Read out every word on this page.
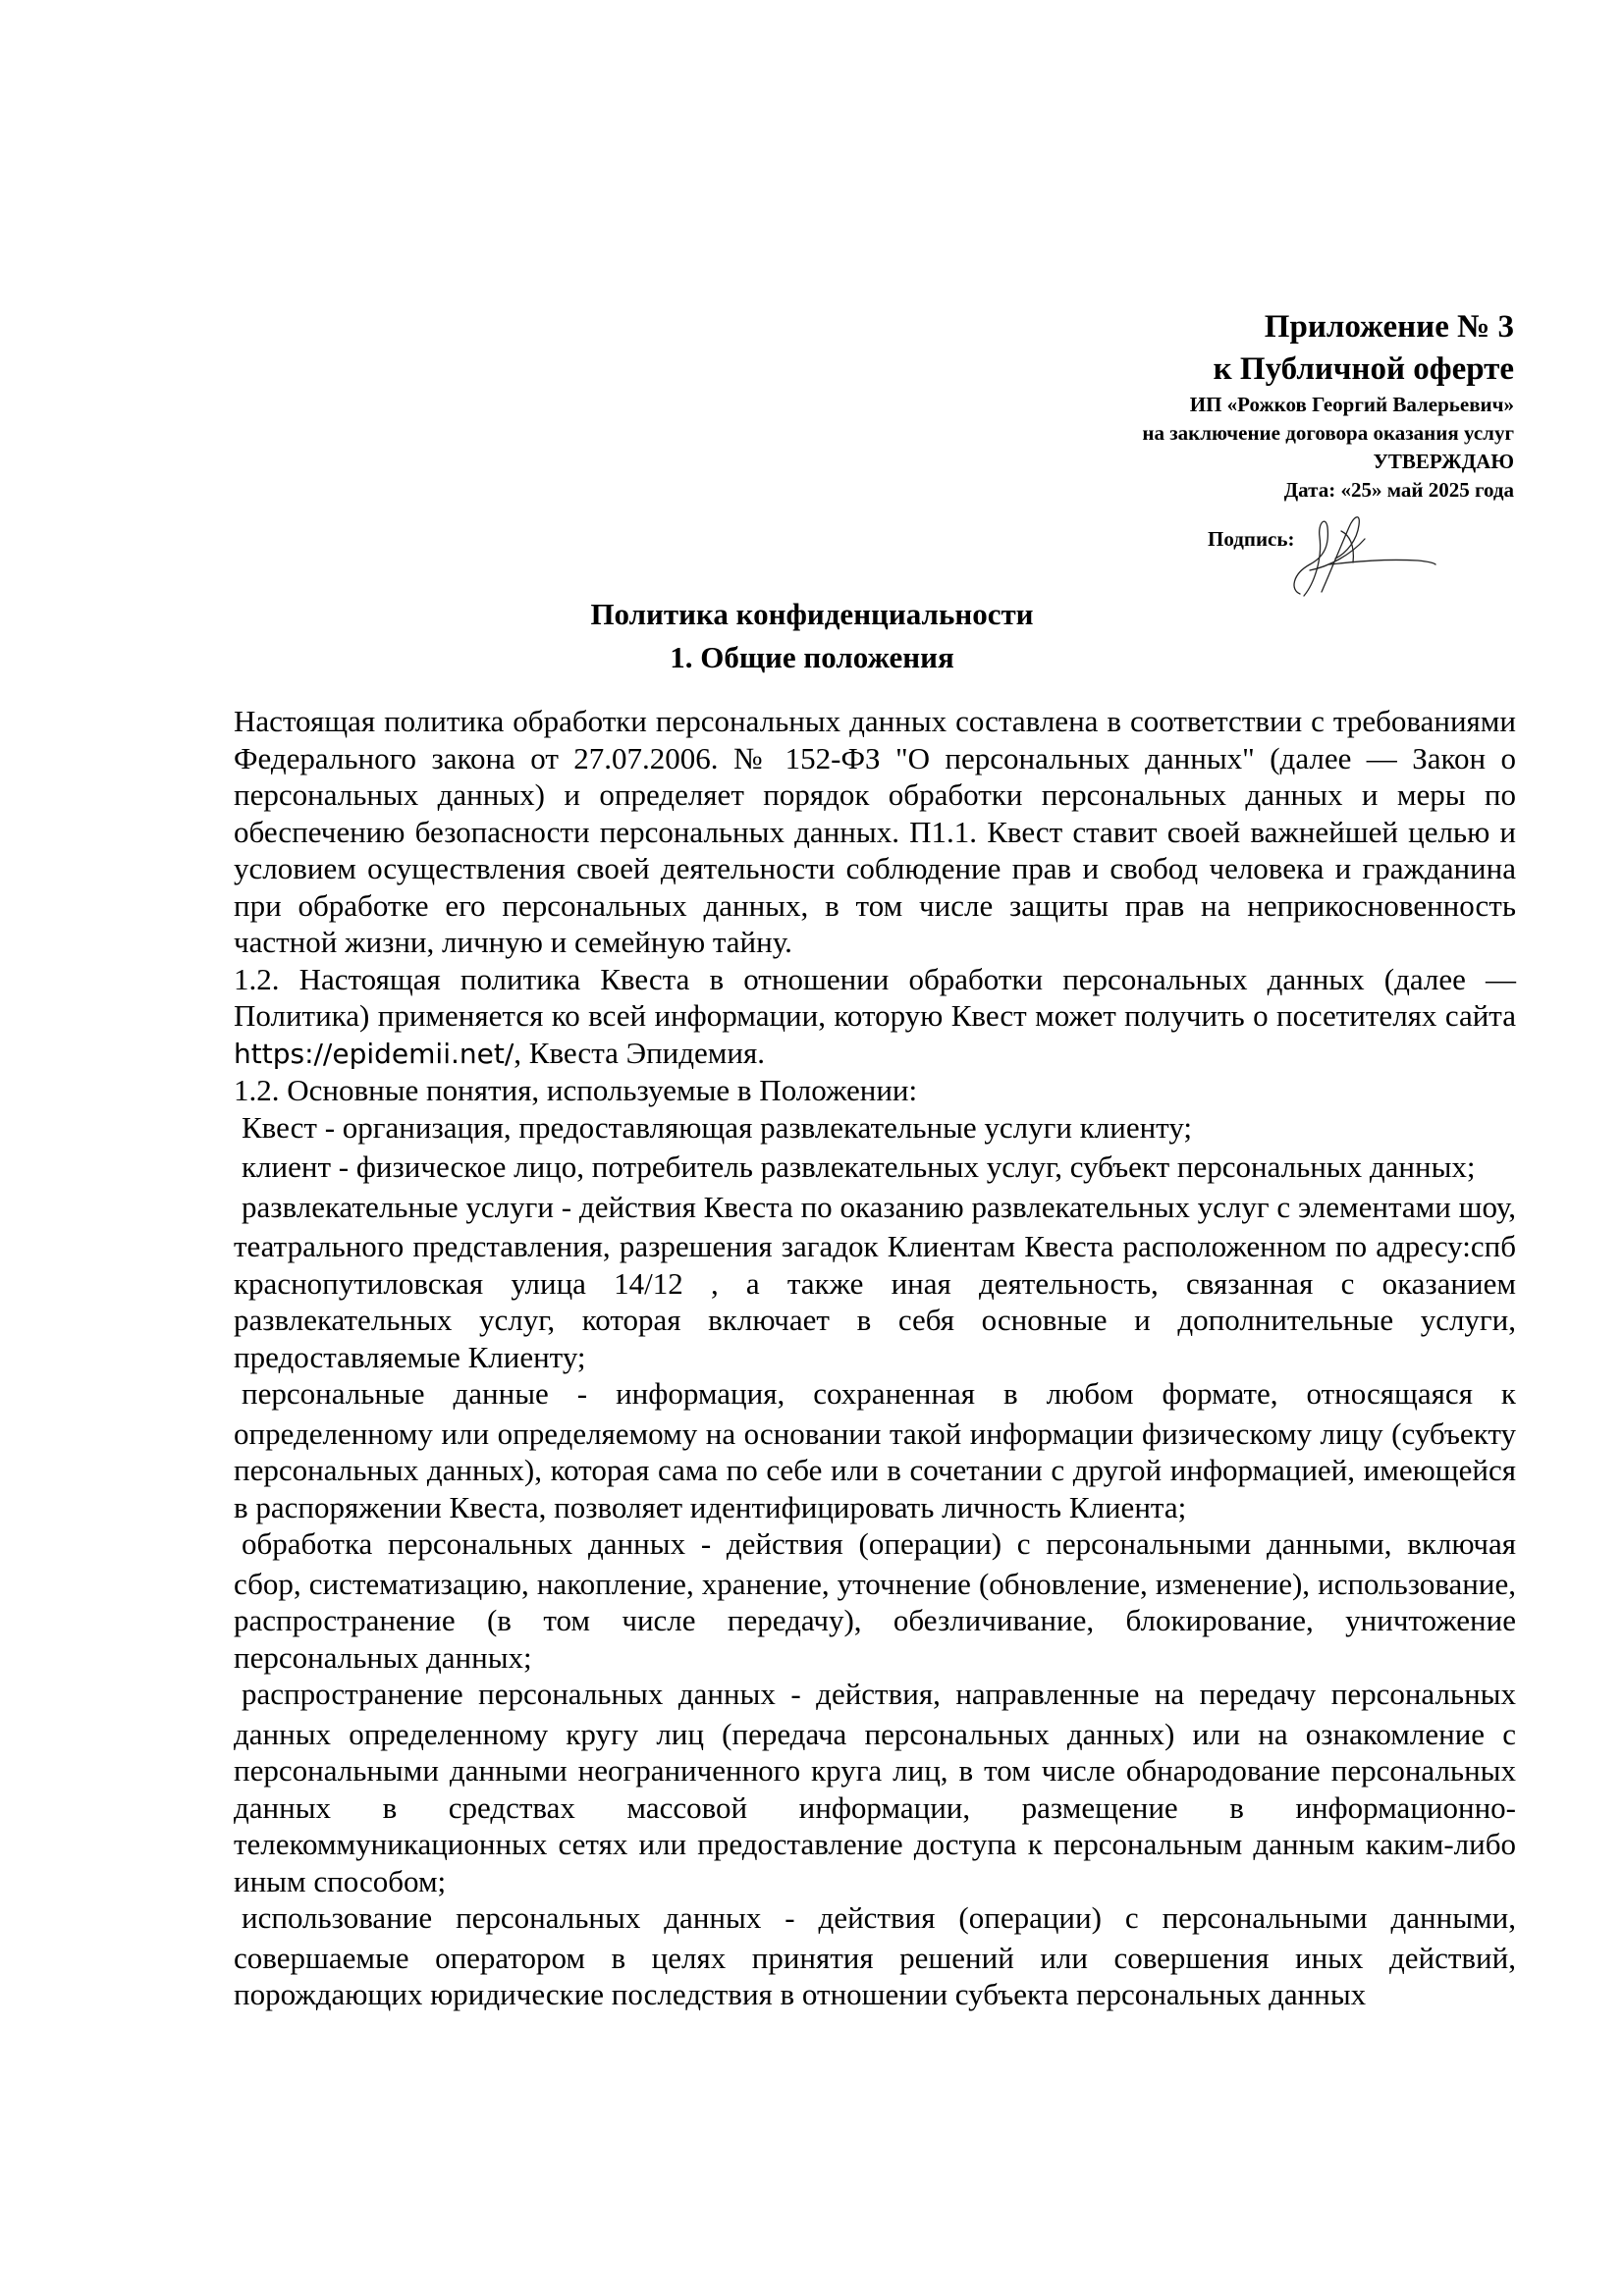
Приложение № 3
к Публичной оферте
ИП «Рожков Георгий Валерьевич»
на заключение договора оказания услуг
УТВЕРЖДАЮ
Дата: «25» май 2025 года
Подпись:
Политика конфиденциальности
1. Общие положения

Настоящая политика обработки персональных данных составлена в соответствии с требованиями Федерального закона от 27.07.2006. № 152-ФЗ "О персональных данных" (далее — Закон о персональных данных) и определяет порядок обработки персональных данных и меры по обеспечению безопасности персональных данных. П1.1. Квест ставит своей важнейшей целью и условием осуществления своей деятельности соблюдение прав и свобод человека и гражданина при обработке его персональных данных, в том числе защиты прав на неприкосновенность частной жизни, личную и семейную тайну.

1.2. Настоящая политика Квеста в отношении обработки персональных данных (далее — Политика) применяется ко всей информации, которую Квест может получить о посетителях сайта https://epidemii.net/, Квеста Эпидемия.

1.2. Основные понятия, используемые в Положении:

Квест - организация, предоставляющая развлекательные услуги клиенту;

клиент - физическое лицо, потребитель развлекательных услуг, субъект персональных данных;

развлекательные услуги - действия Квеста по оказанию развлекательных услуг с элементами шоу, театрального представления, разрешения загадок Клиентам Квеста расположенном по адресу:спб краснопутиловская улица 14/12 , а также иная деятельность, связанная с оказанием развлекательных услуг, которая включает в себя основные и дополнительные услуги, предоставляемые Клиенту;

персональные данные - информация, сохраненная в любом формате, относящаяся к определенному или определяемому на основании такой информации физическому лицу (субъекту персональных данных), которая сама по себе или в сочетании с другой информацией, имеющейся в распоряжении Квеста, позволяет идентифицировать личность Клиента;

обработка персональных данных - действия (операции) с персональными данными, включая сбор, систематизацию, накопление, хранение, уточнение (обновление, изменение), использование, распространение (в том числе передачу), обезличивание, блокирование, уничтожение персональных данных;

распространение персональных данных - действия, направленные на передачу персональных данных определенному кругу лиц (передача персональных данных) или на ознакомление с персональными данными неограниченного круга лиц, в том числе обнародование персональных данных в средствах массовой информации, размещение в информационно-телекоммуникационных сетях или предоставление доступа к персональным данным каким-либо иным способом;

использование персональных данных - действия (операции) с персональными данными, совершаемые оператором в целях принятия решений или совершения иных действий, порождающих юридические последствия в отношении субъекта персональных данных
